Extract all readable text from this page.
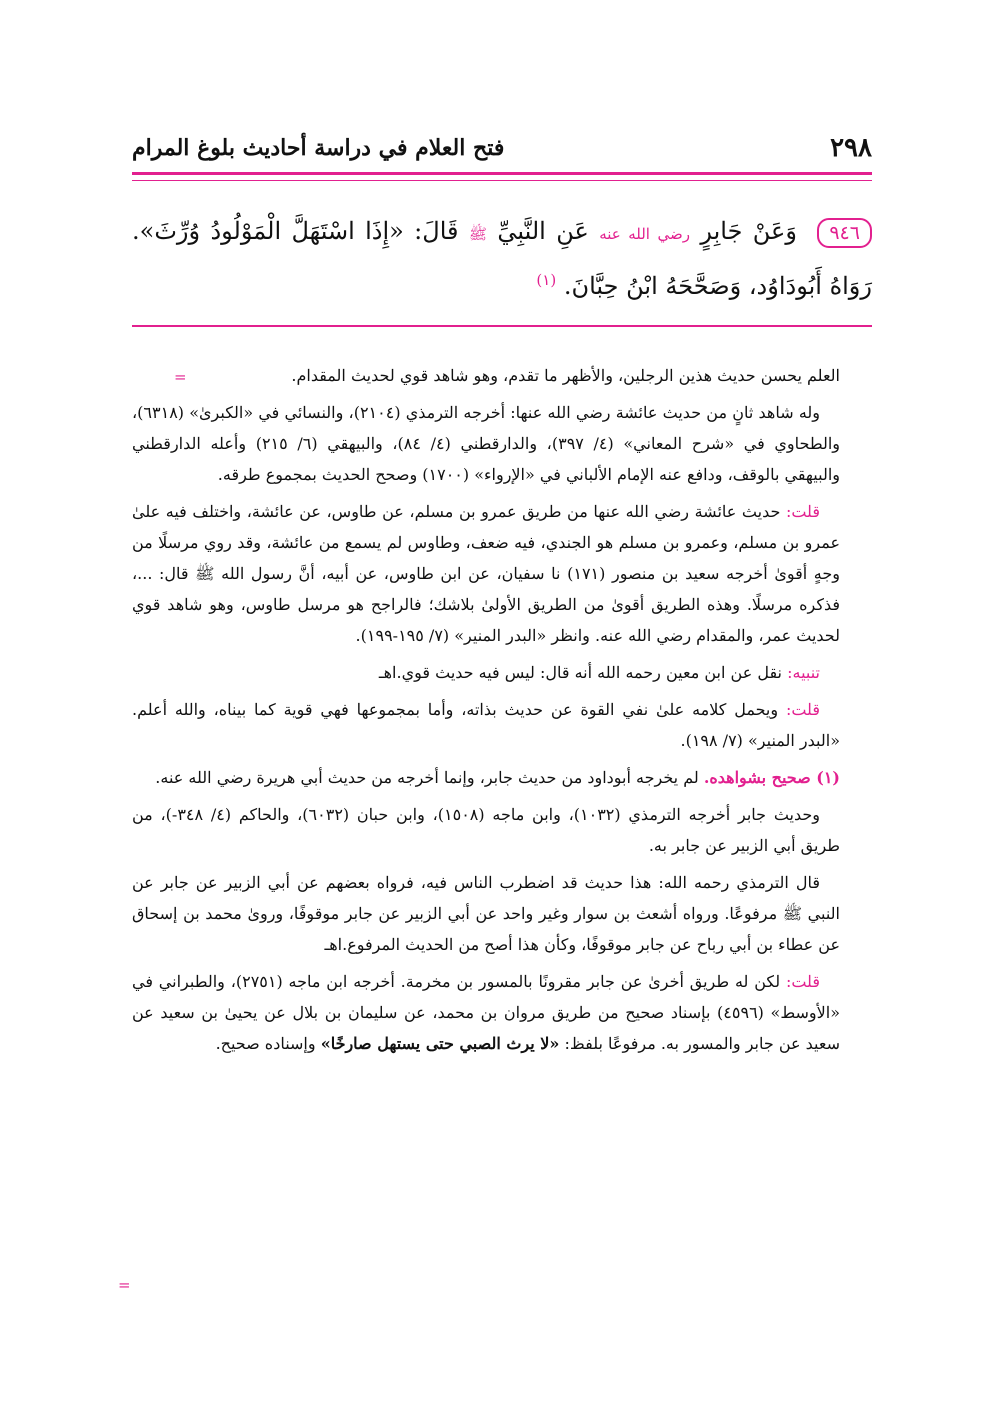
٢٩٨
فتح العلام في دراسة أحاديث بلوغ المرام
٩٤٦ وَعَنْ جَابِرٍ رضي الله عنه عَنِ النَّبِيِّ ﷺ قَالَ: «إِذَا اسْتَهَلَّ الْمَوْلُودُ وُرِّثَ». رَوَاهُ أَبُودَاوُد، وَصَحَّحَهُ ابْنُ حِبَّانَ. $^{(١)}$
=	العلم يحسن حديث هذين الرجلين، والأظهر ما تقدم، وهو شاهد قوي لحديث المقدام.

وله شاهد ثانٍ من حديث عائشة رضي الله عنها: أخرجه الترمذي (٢١٠٤)، والنسائي في «الكبرىٰ» (٦٣١٨)، والطحاوي في «شرح المعاني» (٤/ ٣٩٧)، والدارقطني (٤/ ٨٤)، والبيهقي (٦/ ٢١٥) وأعله الدارقطني والبيهقي بالوقف، ودافع عنه الإمام الألباني في «الإرواء» (١٧٠٠) وصحح الحديث بمجموع طرقه.

قلت: حديث عائشة رضي الله عنها من طريق عمرو بن مسلم، عن طاوس، عن عائشة، واختلف فيه علىٰ عمرو بن مسلم، وعمرو بن مسلم هو الجندي، فيه ضعف، وطاوس لم يسمع من عائشة، وقد روي مرسلًا من وجهٍ أقوىٰ أخرجه سعيد بن منصور (١٧١) نا سفيان، عن ابن طاوس، عن أبيه، أنَّ رسول الله ﷺ قال: ...، فذكره مرسلًا. وهذه الطريق أقوىٰ من الطريق الأولىٰ بلاشك؛ فالراجح هو مرسل طاوس، وهو شاهد قوي لحديث عمر، والمقدام رضي الله عنه. وانظر «البدر المنير» (٧/ ١٩٥-١٩٩).

تنبيه: نقل عن ابن معين رحمه الله أنه قال: ليس فيه حديث قوي.اهـ

قلت: ويحمل كلامه علىٰ نفي القوة عن حديث بذاته، وأما بمجموعها فهي قوية كما بيناه، والله أعلم. «البدر المنير» (٧/ ١٩٨).

(١) صحيح بشواهده. لم يخرجه أبوداود من حديث جابر، وإنما أخرجه من حديث أبي هريرة رضي الله عنه.

وحديث جابر أخرجه الترمذي (١٠٣٢)، وابن ماجه (١٥٠٨)، وابن حبان (٦٠٣٢)، والحاكم (٤/ ٣٤٨-)، من طريق أبي الزبير عن جابر به.

قال الترمذي رحمه الله: هذا حديث قد اضطرب الناس فيه، فرواه بعضهم عن أبي الزبير عن جابر عن النبي ﷺ مرفوعًا. ورواه أشعث بن سوار وغير واحد عن أبي الزبير عن جابر موقوفًا، وروىٰ محمد بن إسحاق عن عطاء بن أبي رباح عن جابر موقوفًا، وكأن هذا أصح من الحديث المرفوع.اهـ

قلت: لكن له طريق أخرىٰ عن جابر مقرونًا بالمسور بن مخرمة. أخرجه ابن ماجه (٢٧٥١)، والطبراني في «الأوسط» (٤٥٩٦) بإسناد صحيح من طريق مروان بن محمد، عن سليمان بن بلال عن يحيىٰ بن سعيد عن سعيد عن جابر والمسور به. مرفوعًا بلفظ: «لا يرث الصبي حتى يستهل صارخًا» وإسناده صحيح.

=
